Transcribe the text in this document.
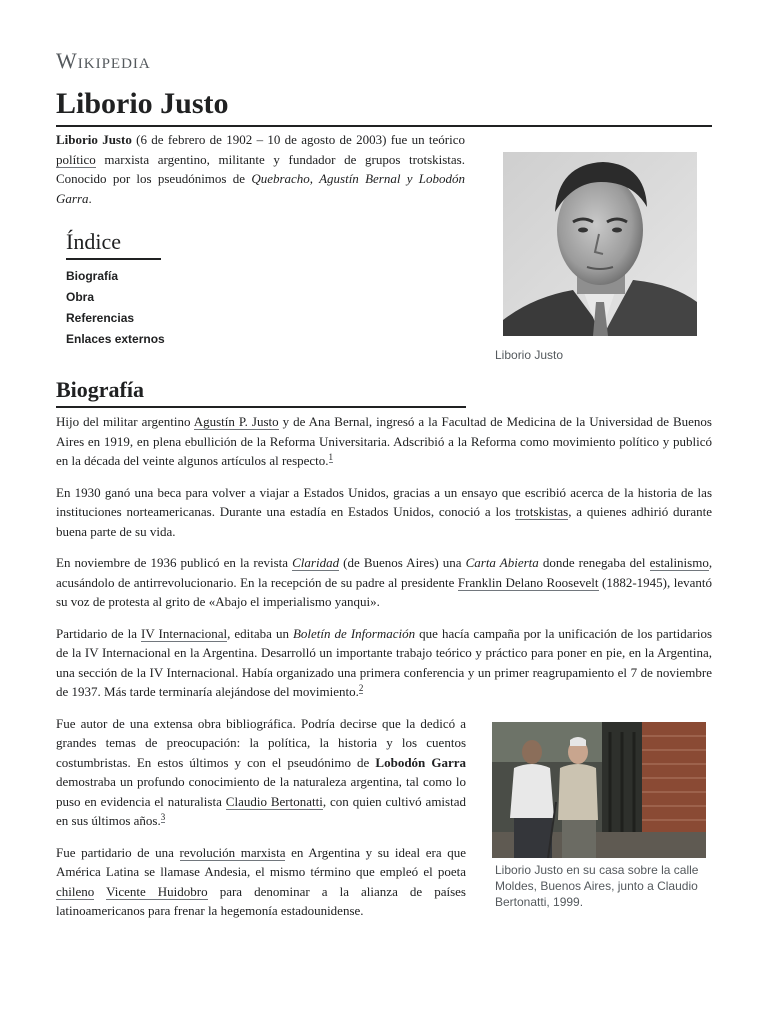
Wikipedia
Liborio Justo

Liborio Justo (6 de febrero de 1902 – 10 de agosto de 2003) fue un teórico político marxista argentino, militante y fundador de grupos trotskistas. Conocido por los pseudónimos de Quebracho, Agustín Bernal y Lobodón Garra.

Índice
Biografía
Obra
Referencias
Enlaces externos
Liborio Justo
Biografía

Hijo del militar argentino Agustín P. Justo y de Ana Bernal, ingresó a la Facultad de Medicina de la Universidad de Buenos Aires en 1919, en plena ebullición de la Reforma Universitaria. Adscribió a la Reforma como movimiento político y publicó en la década del veinte algunos artículos al respecto.$^1$

En 1930 ganó una beca para volver a viajar a Estados Unidos, gracias a un ensayo que escribió acerca de la historia de las instituciones norteamericanas. Durante una estadía en Estados Unidos, conoció a los trotskistas, a quienes adhirió durante buena parte de su vida.

En noviembre de 1936 publicó en la revista Claridad (de Buenos Aires) una Carta Abierta donde renegaba del estalinismo, acusándolo de antirrevolucionario. En la recepción de su padre al presidente Franklin Delano Roosevelt (1882-1945), levantó su voz de protesta al grito de «Abajo el imperialismo yanqui».

Partidario de la IV Internacional, editaba un Boletín de Información que hacía campaña por la unificación de los partidarios de la IV Internacional en la Argentina. Desarrolló un importante trabajo teórico y práctico para poner en pie, en la Argentina, una sección de la IV Internacional. Había organizado una primera conferencia y un primer reagrupamiento el 7 de noviembre de 1937. Más tarde terminaría alejándose del movimiento.$^2$

Fue autor de una extensa obra bibliográfica. Podría decirse que la dedicó a grandes temas de preocupación: la política, la historia y los cuentos costumbristas. En estos últimos y con el pseudónimo de Lobodón Garra demostraba un profundo conocimiento de la naturaleza argentina, tal como lo puso en evidencia el naturalista Claudio Bertonatti, con quien cultivó amistad en sus últimos años.$^3$

Fue partidario de una revolución marxista en Argentina y su ideal era que América Latina se llamase Andesia, el mismo término que empleó el poeta chileno Vicente Huidobro para denominar a la alianza de países latinoamericanos para frenar la hegemonía estadounidense.

Liborio Justo en su casa sobre la calle Moldes, Buenos Aires, junto a Claudio Bertonatti, 1999.
